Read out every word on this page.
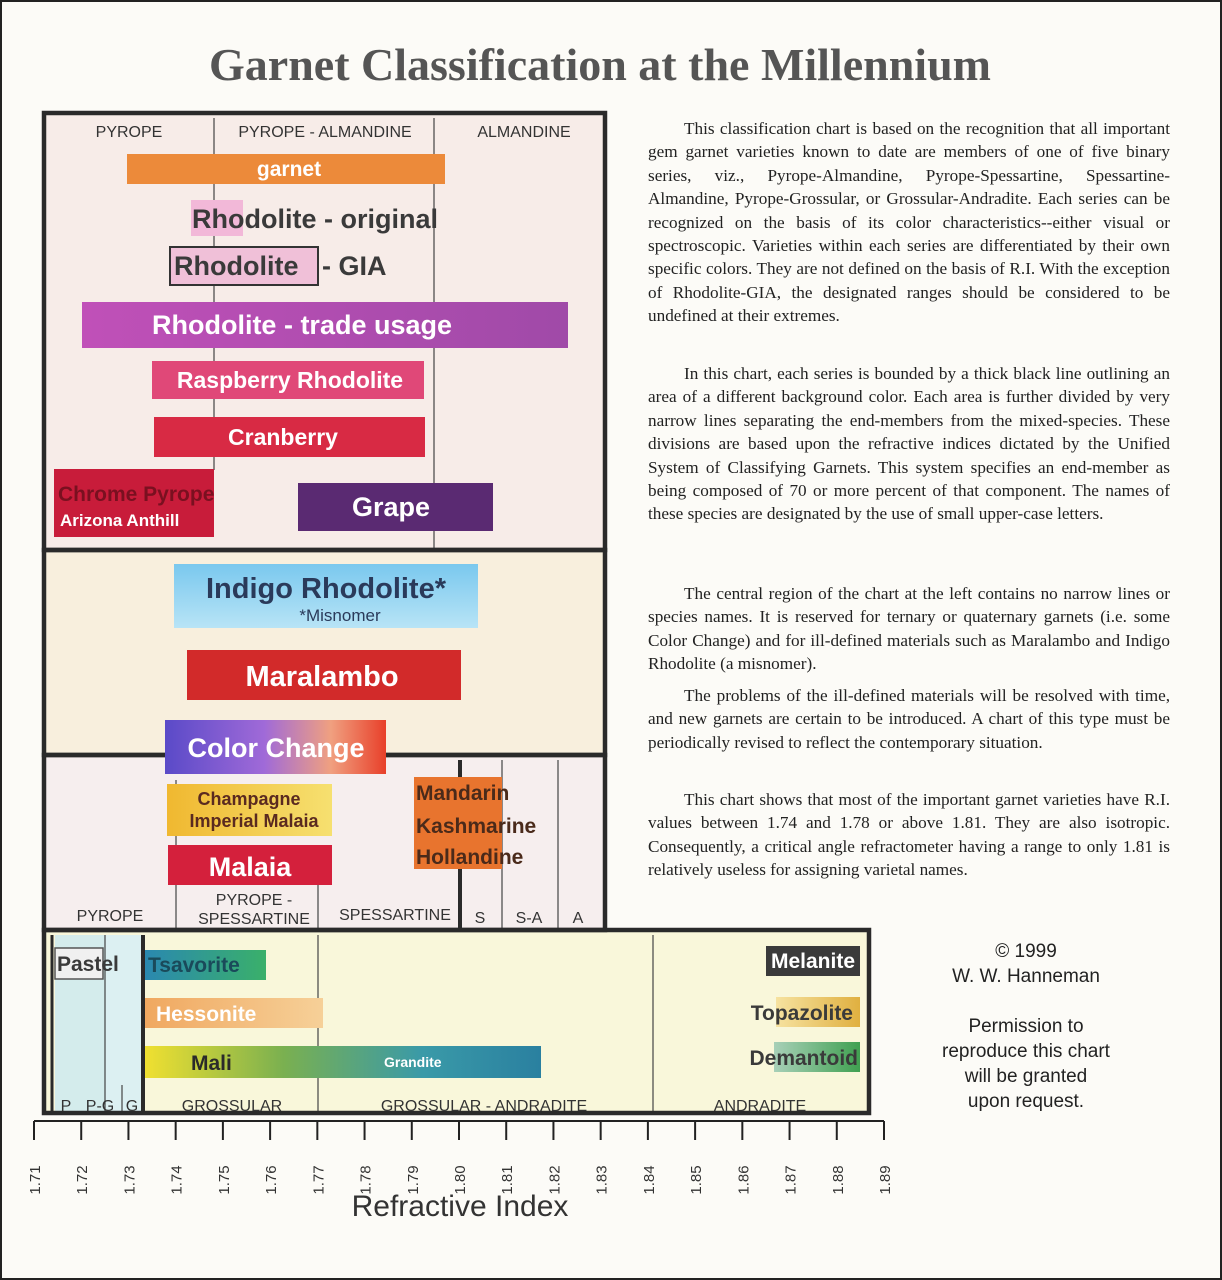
Garnet Classification at the Millennium
PYROPE	PYROPE - ALMANDINE	ALMANDINE
PYROPE
PYROPE -SPESSARTINE SPESSARTINE S S-A A
P P-G G	GROSSULAR	GROSSULAR - ANDRADITE	ANDRADITE
garnet
Rhodolite - original
Rhodolite - GIA
Rhodolite - trade usage
Raspberry Rhodolite
Cranberry
Chrome Pyrope
Arizona Anthill	Grape
Indigo Rhodolite*
*Misnomer
Maralambo
Color Change
Champagne
Imperial Malaia
Malaia
Mandarin
Kashmarine
Hollandine
Pastel Tsavorite
Hessonite
Mali	Grandite
Melanite
Topazolite
Demantoid
1.71 1.72 1.73 1.74 1.75 1.76 1.77 1.78 1.79 1.80 1.81 1.82 1.83 1.84 1.85 1.86 1.87 1.88 1.89

This classification chart is based on the recognition that all important gem garnet varieties known to date are members of one of five binary series, viz., Pyrope-Almandine, Pyrope-Spessartine, Spessartine-Almandine, Pyrope-Grossular, or Grossular-Andradite. Each series can be recognized on the basis of its color characteristics--either visual or spectroscopic. Varieties within each series are differentiated by their own specific colors. They are not defined on the basis of R.I. With the exception of Rhodolite-GIA, the designated ranges should be considered to be undefined at their extremes.

In this chart, each series is bounded by a thick black line outlining an area of a different background color. Each area is further divided by very narrow lines separating the end-members from the mixed-species. These divisions are based upon the refractive indices dictated by the Unified System of Classifying Garnets. This system specifies an end-member as being composed of 70 or more percent of that component. The names of these species are designated by the use of small upper-case letters.

The central region of the chart at the left contains no narrow lines or species names. It is reserved for ternary or quaternary garnets (i.e. some Color Change) and for ill-defined materials such as Maralambo and Indigo Rhodolite (a misnomer).

The problems of the ill-defined materials will be resolved with time, and new garnets are certain to be introduced. A chart of this type must be periodically revised to reflect the contemporary situation.

This chart shows that most of the important garnet varieties have R.I. values between 1.74 and 1.78 or above 1.81. They are also isotropic. Consequently, a critical angle refractometer having a range to only 1.81 is relatively useless for assigning varietal names.

© 1999
W. W. Hanneman
Permission to
reproduce this chart
will be granted
upon request.
Refractive Index
